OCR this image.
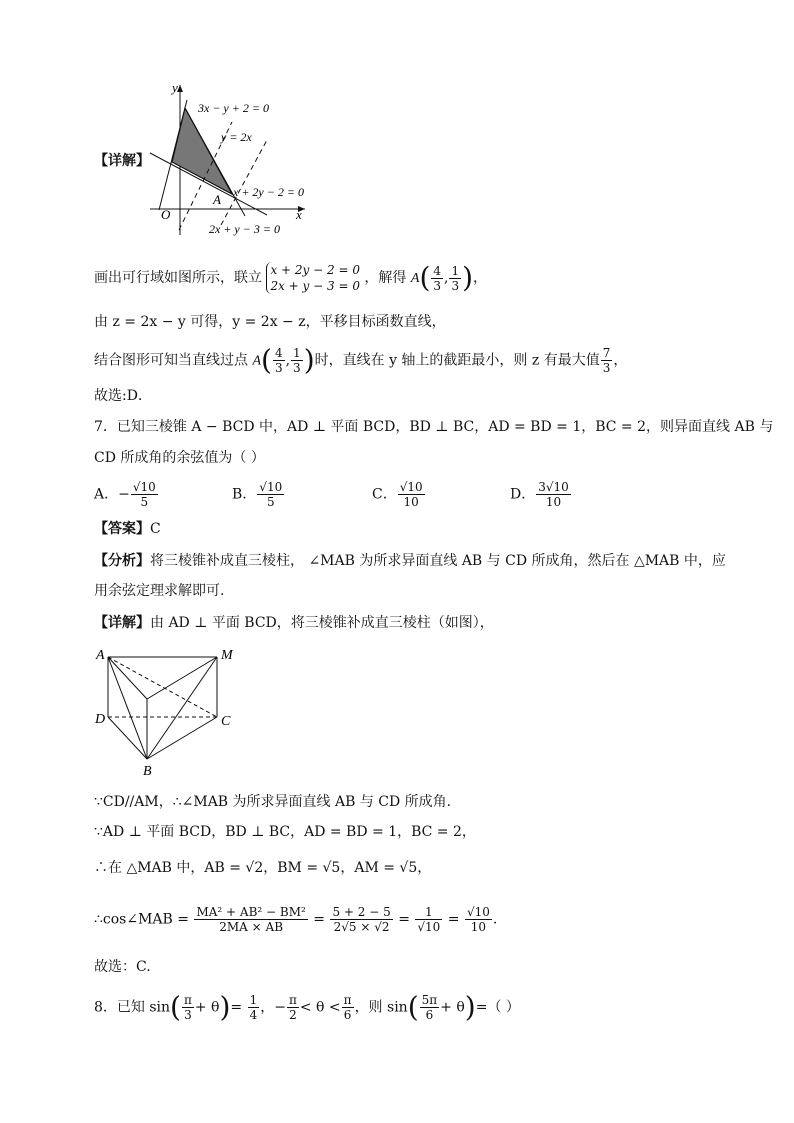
【详解】
y
x
O
A
3x − y + 2 = 0
y = 2x
x + 2y − 2 = 0
2x + y − 3 = 0
画出可行域如图所示，联立 x + 2y − 2 = 0
2x + y − 3 = 0 ，解得 $A( \frac{4}{3}$ , $\frac{1}{3}$ )，
由 z = 2x − y 可得，y = 2x − z，平移目标函数直线，
结合图形可知当直线过点 $A( \frac{4}{3}$ , $\frac{1}{3}$ )时，直线在 y 轴上的截距最小，则 z 有最大值 $\frac{7}{3}$ ，
故选:D．
7．已知三棱锥 A − BCD 中，AD ⊥ 平面 BCD，BD ⊥ BC，AD = BD = 1，BC = 2，则异面直线 AB 与
CD 所成角的余弦值为（ ）
A．− $\frac{√10}{5}$	B． $\frac{√10}{5}$	C． $\frac{√10}{10}$	D． $\frac{3√10}{10}$
【答案】C
【分析】将三棱锥补成直三棱柱， ∠MAB 为所求异面直线 AB 与 CD 所成角，然后在 △MAB 中，应
用余弦定理求解即可.
【详解】由 AD ⊥ 平面 BCD，将三棱锥补成直三棱柱（如图），
A	M
D	C
B
∵CD//AM，∴∠MAB 为所求异面直线 AB 与 CD 所成角.
∵AD ⊥ 平面 BCD，BD ⊥ BC，AD = BD = 1，BC = 2，
∴在 △MAB 中，AB = √2，BM = √5，AM = √5，
∴cos∠MAB = $\frac{\text{MA² + AB² − BM²}}{2MA \times AB} = \frac{5 + 2 - 5}{2√5 \times √2} = \frac{1}{√10} = \frac{√10}{10}$ .
故选：C.
8．已知 $\sin( \frac{\pi}{3} + \theta)= \frac{1}{4}$ ，− $\frac{\pi}{2} < \theta < \frac{\pi}{6}$ ，则 $\sin( \frac{5\pi}{6} + \theta)=$（ ）
